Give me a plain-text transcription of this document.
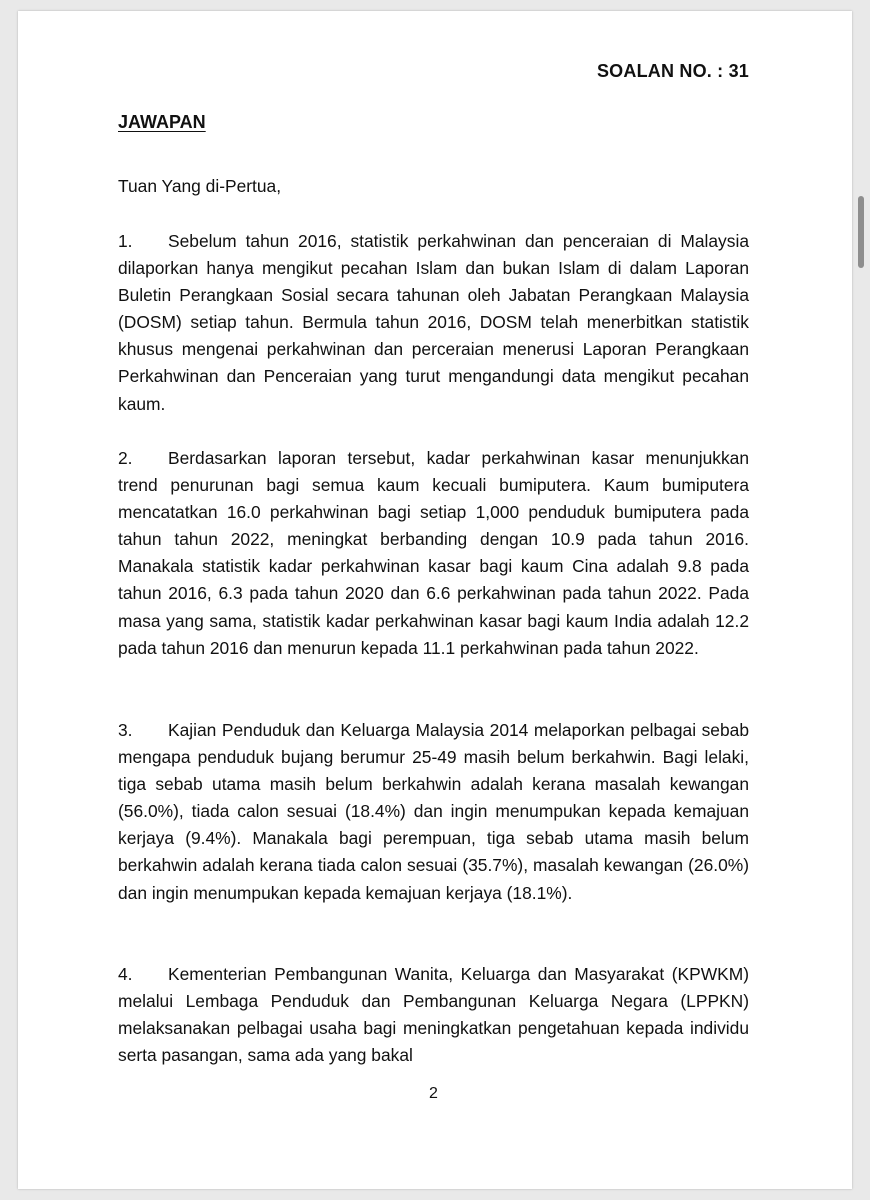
SOALAN NO. : 31
JAWAPAN
Tuan Yang di-Pertua,

1. Sebelum tahun 2016, statistik perkahwinan dan penceraian di Malaysia dilaporkan hanya mengikut pecahan Islam dan bukan Islam di dalam Laporan Buletin Perangkaan Sosial secara tahunan oleh Jabatan Perangkaan Malaysia (DOSM) setiap tahun. Bermula tahun 2016, DOSM telah menerbitkan statistik khusus mengenai perkahwinan dan perceraian menerusi Laporan Perangkaan Perkahwinan dan Penceraian yang turut mengandungi data mengikut pecahan kaum.

2. Berdasarkan laporan tersebut, kadar perkahwinan kasar menunjukkan trend penurunan bagi semua kaum kecuali bumiputera. Kaum bumiputera mencatatkan 16.0 perkahwinan bagi setiap 1,000 penduduk bumiputera pada tahun tahun 2022, meningkat berbanding dengan 10.9 pada tahun 2016. Manakala statistik kadar perkahwinan kasar bagi kaum Cina adalah 9.8 pada tahun 2016, 6.3 pada tahun 2020 dan 6.6 perkahwinan pada tahun 2022. Pada masa yang sama, statistik kadar perkahwinan kasar bagi kaum India adalah 12.2 pada tahun 2016 dan menurun kepada 11.1 perkahwinan pada tahun 2022.

3. Kajian Penduduk dan Keluarga Malaysia 2014 melaporkan pelbagai sebab mengapa penduduk bujang berumur 25-49 masih belum berkahwin. Bagi lelaki, tiga sebab utama masih belum berkahwin adalah kerana masalah kewangan (56.0%), tiada calon sesuai (18.4%) dan ingin menumpukan kepada kemajuan kerjaya (9.4%). Manakala bagi perempuan, tiga sebab utama masih belum berkahwin adalah kerana tiada calon sesuai (35.7%), masalah kewangan (26.0%) dan ingin menumpukan kepada kemajuan kerjaya (18.1%).

4. Kementerian Pembangunan Wanita, Keluarga dan Masyarakat (KPWKM) melalui Lembaga Penduduk dan Pembangunan Keluarga Negara (LPPKN) melaksanakan pelbagai usaha bagi meningkatkan pengetahuan kepada individu serta pasangan, sama ada yang bakal

2
